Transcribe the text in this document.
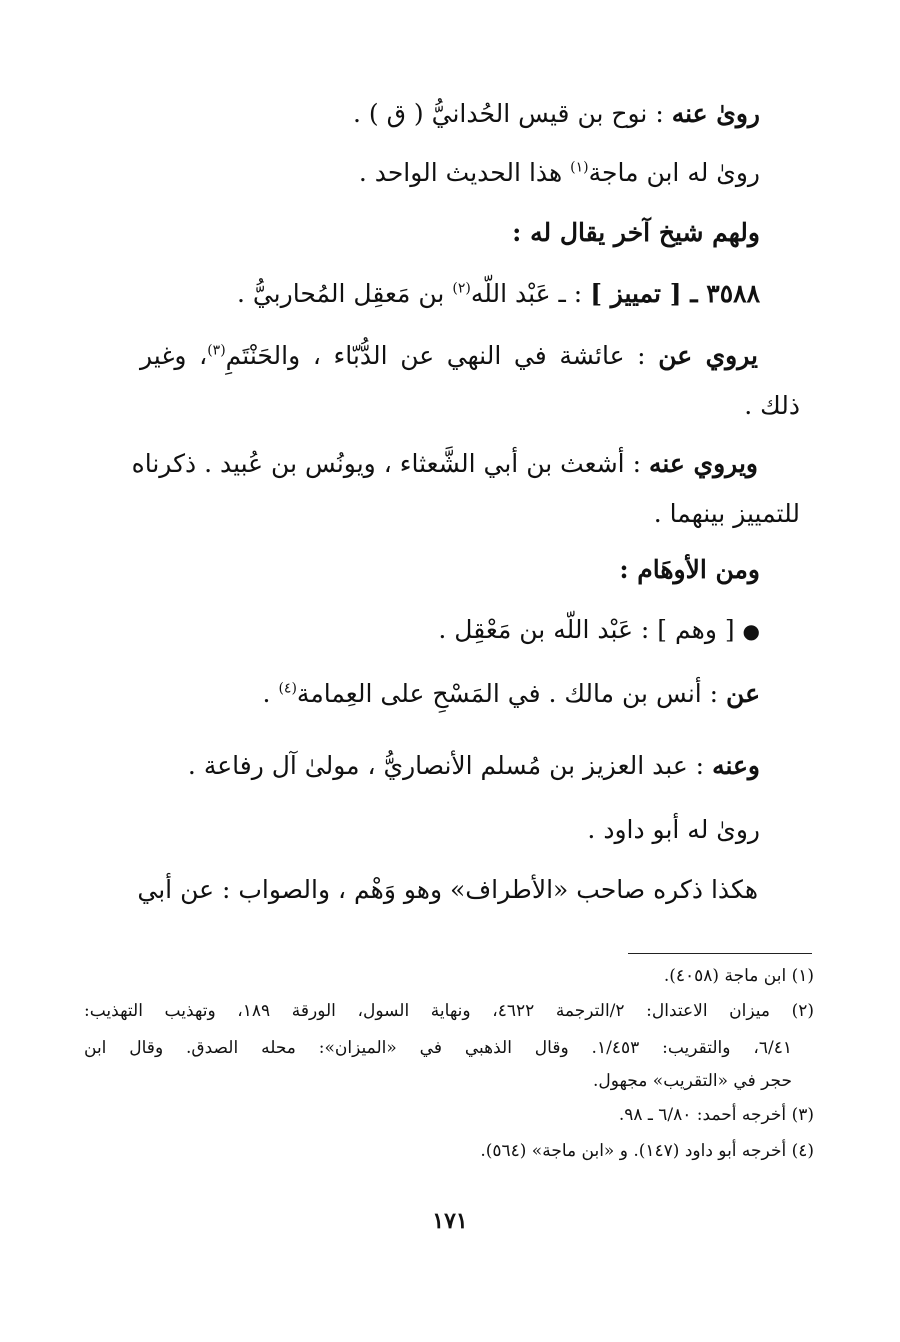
رویٰ عنه : نوح بن قيس الحُدانيُّ ( ق ) .
رویٰ له ابن ماجة$^{(١)}$ هذا الحديث الواحد .
ولهم شيخ آخر يقال له :
٣٥٨٨ ـ [ تمييز ] : ـ عَبْد اللّه$^{(٢)}$ بن مَعقِل المُحاربيُّ .
يروي عن : عائشة في النهي عن الدُّبّاء ، والحَنْتَمِ$^{(٣)}$، وغير
ذلك .
ويروي عنه : أشعث بن أبي الشَّعثاء ، ويونُس بن عُبيد . ذكرناه
للتمييز بينهما .
ومن الأوهَام :
● [ وهم ] : عَبْد اللّه بن مَعْقِل .
عن : أنس بن مالك . في المَسْحِ على العِمامة$^{(٤)}$ .
وعنه : عبد العزيز بن مُسلم الأنصاريُّ ، مولىٰ آل رفاعة .
رویٰ له أبو داود .
هكذا ذكره صاحب «الأطراف» وهو وَهْم ، والصواب : عن أبي
(١) ابن ماجة (٤٠٥٨).
(٢) ميزان الاعتدال: ٢/الترجمة ٤٦٢٢، ونهاية السول، الورقة ١٨٩، وتهذيب التهذيب:
٦/٤١، والتقريب: ١/٤٥٣. وقال الذهبي في «الميزان»: محله الصدق. وقال ابن
حجر في «التقريب» مجهول.
(٣) أخرجه أحمد: ٦/٨٠ ـ ٩٨.
(٤) أخرجه أبو داود (١٤٧). و «ابن ماجة» (٥٦٤).
١٧١
